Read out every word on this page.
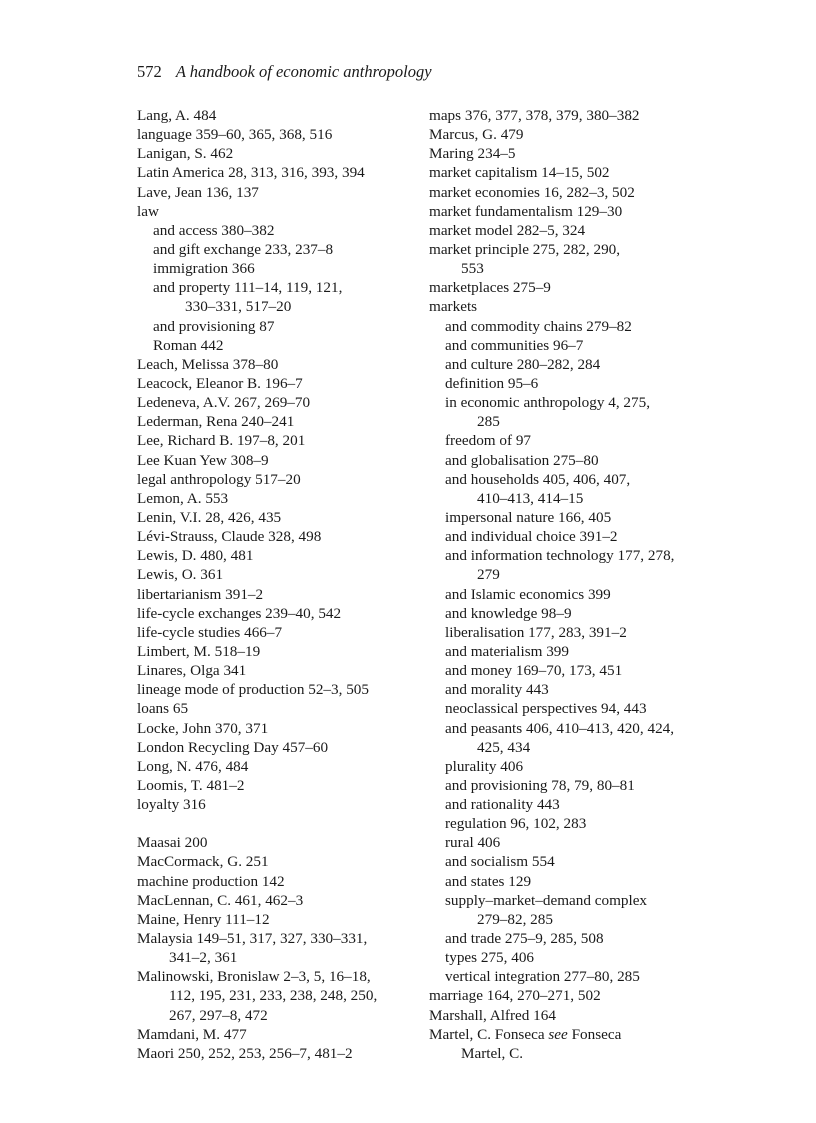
572 A handbook of economic anthropology
Lang, A. 484
language 359–60, 365, 368, 516
Lanigan, S. 462
Latin America 28, 313, 316, 393, 394
Lave, Jean 136, 137
law
and access 380–382
and gift exchange 233, 237–8
immigration 366
and property 111–14, 119, 121,
330–331, 517–20
and provisioning 87
Roman 442
Leach, Melissa 378–80
Leacock, Eleanor B. 196–7
Ledeneva, A.V. 267, 269–70
Lederman, Rena 240–241
Lee, Richard B. 197–8, 201
Lee Kuan Yew 308–9
legal anthropology 517–20
Lemon, A. 553
Lenin, V.I. 28, 426, 435
Lévi-Strauss, Claude 328, 498
Lewis, D. 480, 481
Lewis, O. 361
libertarianism 391–2
life-cycle exchanges 239–40, 542
life-cycle studies 466–7
Limbert, M. 518–19
Linares, Olga 341
lineage mode of production 52–3, 505
loans 65
Locke, John 370, 371
London Recycling Day 457–60
Long, N. 476, 484
Loomis, T. 481–2
loyalty 316
Maasai 200
MacCormack, G. 251
machine production 142
MacLennan, C. 461, 462–3
Maine, Henry 111–12
Malaysia 149–51, 317, 327, 330–331,
341–2, 361
Malinowski, Bronislaw 2–3, 5, 16–18,
112, 195, 231, 233, 238, 248, 250,
267, 297–8, 472
Mamdani, M. 477
Maori 250, 252, 253, 256–7, 481–2
maps 376, 377, 378, 379, 380–382
Marcus, G. 479
Maring 234–5
market capitalism 14–15, 502
market economies 16, 282–3, 502
market fundamentalism 129–30
market model 282–5, 324
market principle 275, 282, 290,
553
marketplaces 275–9
markets
and commodity chains 279–82
and communities 96–7
and culture 280–282, 284
definition 95–6
in economic anthropology 4, 275,
285
freedom of 97
and globalisation 275–80
and households 405, 406, 407,
410–413, 414–15
impersonal nature 166, 405
and individual choice 391–2
and information technology 177, 278,
279
and Islamic economics 399
and knowledge 98–9
liberalisation 177, 283, 391–2
and materialism 399
and money 169–70, 173, 451
and morality 443
neoclassical perspectives 94, 443
and peasants 406, 410–413, 420, 424,
425, 434
plurality 406
and provisioning 78, 79, 80–81
and rationality 443
regulation 96, 102, 283
rural 406
and socialism 554
and states 129
supply–market–demand complex
279–82, 285
and trade 275–9, 285, 508
types 275, 406
vertical integration 277–80, 285
marriage 164, 270–271, 502
Marshall, Alfred 164
Martel, C. Fonseca see Fonseca
Martel, C.
